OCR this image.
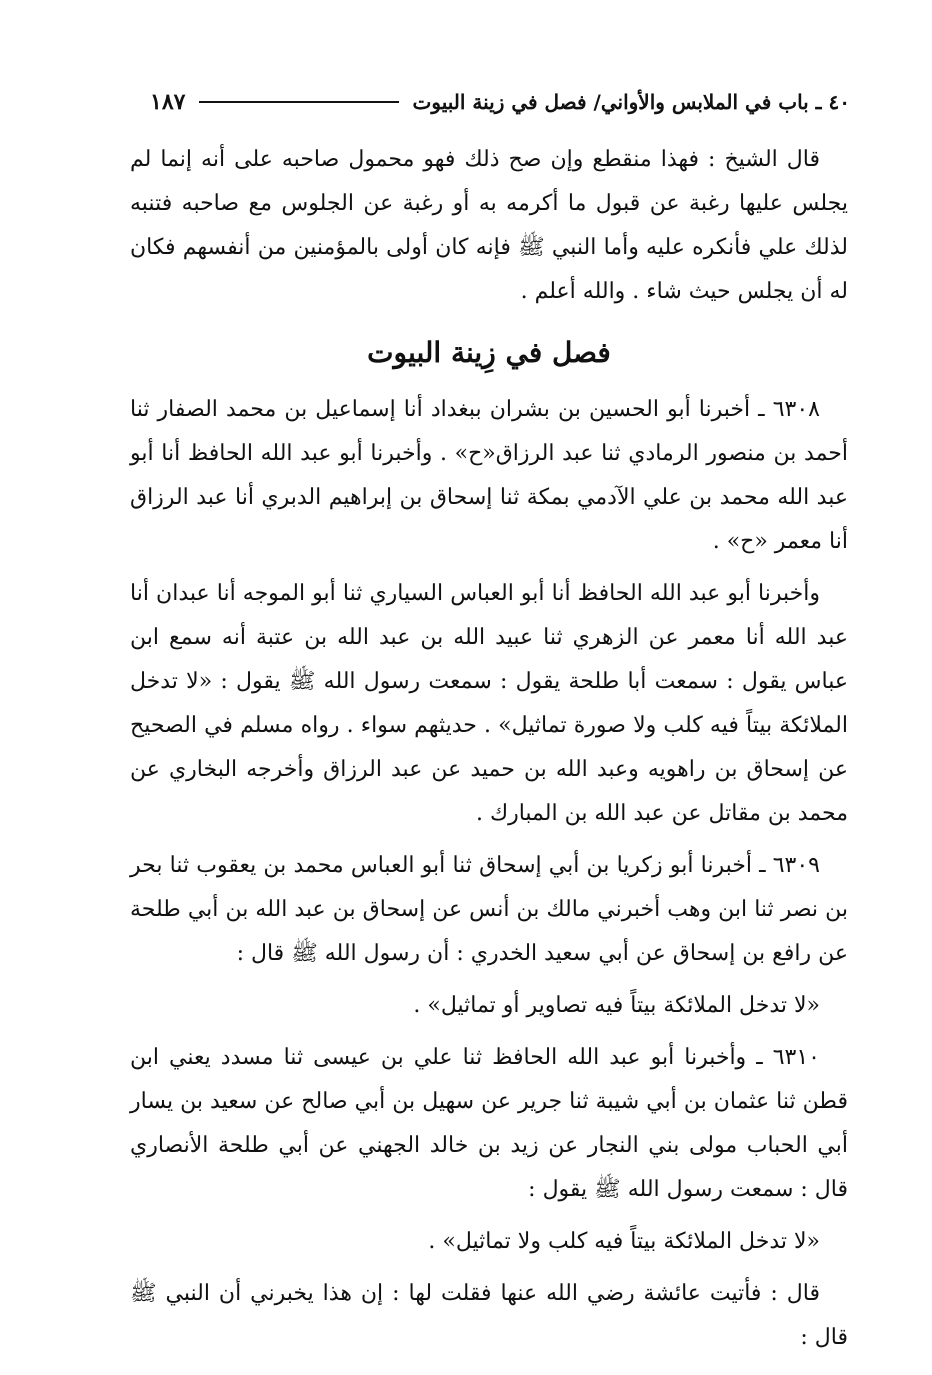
٤٠ ـ باب في الملابس والأواني/ فصل في زينة البيوت
١٨٧

قال الشيخ : فهذا منقطع وإن صح ذلك فهو محمول صاحبه على أنه إنما لم يجلس عليها رغبة عن قبول ما أكرمه به أو رغبة عن الجلوس مع صاحبه فتنبه لذلك علي فأنكره عليه وأما النبي ﷺ فإنه كان أولى بالمؤمنين من أنفسهم فكان له أن يجلس حيث شاء . والله أعلم .

فصل في زِينة البيوت

٦٣٠٨ ـ أخبرنا أبو الحسين بن بشران ببغداد أنا إسماعيل بن محمد الصفار ثنا أحمد بن منصور الرمادي ثنا عبد الرزاق«ح» . وأخبرنا أبو عبد الله الحافظ أنا أبو عبد الله محمد بن علي الآدمي بمكة ثنا إسحاق بن إبراهيم الدبري أنا عبد الرزاق أنا معمر «ح» .

وأخبرنا أبو عبد الله الحافظ أنا أبو العباس السياري ثنا أبو الموجه أنا عبدان أنا عبد الله أنا معمر عن الزهري ثنا عبيد الله بن عبد الله بن عتبة أنه سمع ابن عباس يقول : سمعت أبا طلحة يقول : سمعت رسول الله ﷺ يقول : «لا تدخل الملائكة بيتاً فيه كلب ولا صورة تماثيل» . حديثهم سواء . رواه مسلم في الصحيح عن إسحاق بن راهويه وعبد الله بن حميد عن عبد الرزاق وأخرجه البخاري عن محمد بن مقاتل عن عبد الله بن المبارك .

٦٣٠٩ ـ أخبرنا أبو زكريا بن أبي إسحاق ثنا أبو العباس محمد بن يعقوب ثنا بحر بن نصر ثنا ابن وهب أخبرني مالك بن أنس عن إسحاق بن عبد الله بن أبي طلحة عن رافع بن إسحاق عن أبي سعيد الخدري : أن رسول الله ﷺ قال :

«لا تدخل الملائكة بيتاً فيه تصاوير أو تماثيل» .

٦٣١٠ ـ وأخبرنا أبو عبد الله الحافظ ثنا علي بن عيسى ثنا مسدد يعني ابن قطن ثنا عثمان بن أبي شيبة ثنا جرير عن سهيل بن أبي صالح عن سعيد بن يسار أبي الحباب مولى بني النجار عن زيد بن خالد الجهني عن أبي طلحة الأنصاري قال : سمعت رسول الله ﷺ يقول :

«لا تدخل الملائكة بيتاً فيه كلب ولا تماثيل» .

قال : فأتيت عائشة رضي الله عنها فقلت لها : إن هذا يخبرني أن النبي ﷺ قال :
